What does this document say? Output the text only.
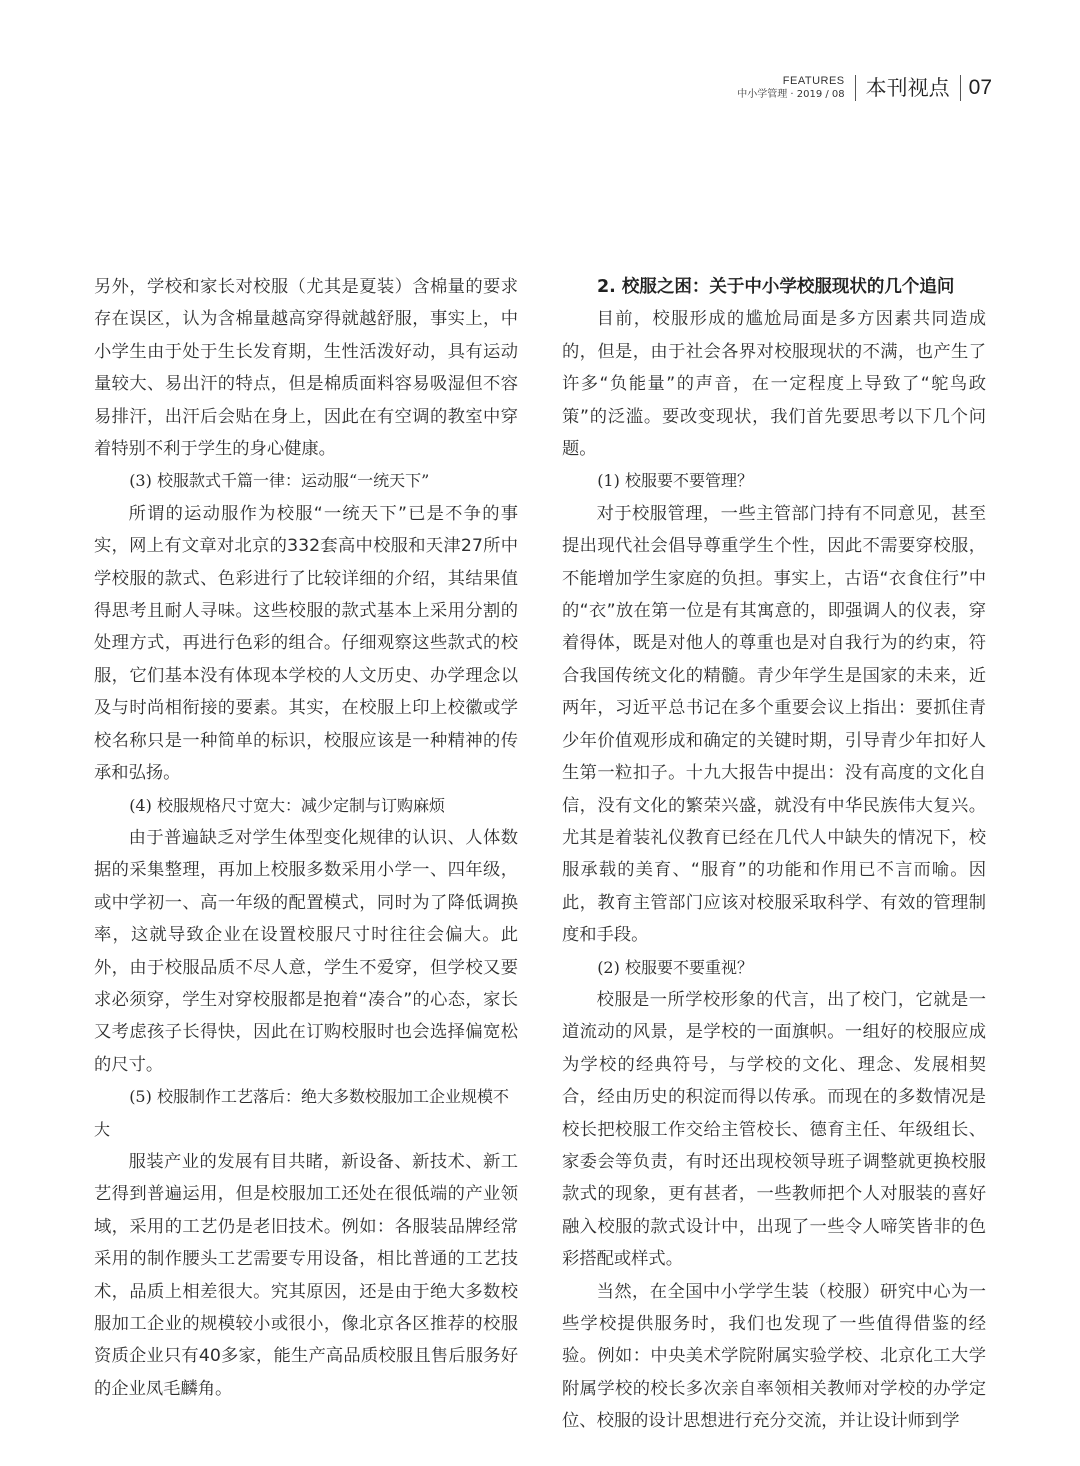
FEATURES
中小学管理 · 2019 / 08	本刊视点 07

另外，学校和家长对校服（尤其是夏装）含棉量的要求存在误区，认为含棉量越高穿得就越舒服，事实上，中小学生由于处于生长发育期，生性活泼好动，具有运动量较大、易出汗的特点，但是棉质面料容易吸湿但不容易排汗，出汗后会贴在身上，因此在有空调的教室中穿着特别不利于学生的身心健康。

(3) 校服款式千篇一律：运动服“一统天下”

所谓的运动服作为校服“一统天下”已是不争的事实，网上有文章对北京的332套高中校服和天津27所中学校服的款式、色彩进行了比较详细的介绍，其结果值得思考且耐人寻味。这些校服的款式基本上采用分割的处理方式，再进行色彩的组合。仔细观察这些款式的校服，它们基本没有体现本学校的人文历史、办学理念以及与时尚相衔接的要素。其实，在校服上印上校徽或学校名称只是一种简单的标识，校服应该是一种精神的传承和弘扬。

(4) 校服规格尺寸宽大：减少定制与订购麻烦

由于普遍缺乏对学生体型变化规律的认识、人体数据的采集整理，再加上校服多数采用小学一、四年级，或中学初一、高一年级的配置模式，同时为了降低调换率，这就导致企业在设置校服尺寸时往往会偏大。此外，由于校服品质不尽人意，学生不爱穿，但学校又要求必须穿，学生对穿校服都是抱着“凑合”的心态，家长又考虑孩子长得快，因此在订购校服时也会选择偏宽松的尺寸。

(5) 校服制作工艺落后：绝大多数校服加工企业规模不大

服装产业的发展有目共睹，新设备、新技术、新工艺得到普遍运用，但是校服加工还处在很低端的产业领域，采用的工艺仍是老旧技术。例如：各服装品牌经常采用的制作腰头工艺需要专用设备，相比普通的工艺技术，品质上相差很大。究其原因，还是由于绝大多数校服加工企业的规模较小或很小，像北京各区推荐的校服资质企业只有40多家，能生产高品质校服且售后服务好的企业凤毛麟角。

2. 校服之困：关于中小学校服现状的几个追问

目前，校服形成的尴尬局面是多方因素共同造成的，但是，由于社会各界对校服现状的不满，也产生了许多“负能量”的声音，在一定程度上导致了“鸵鸟政策”的泛滥。要改变现状，我们首先要思考以下几个问题。

(1) 校服要不要管理？

对于校服管理，一些主管部门持有不同意见，甚至提出现代社会倡导尊重学生个性，因此不需要穿校服，不能增加学生家庭的负担。事实上，古语“衣食住行”中的“衣”放在第一位是有其寓意的，即强调人的仪表，穿着得体，既是对他人的尊重也是对自我行为的约束，符合我国传统文化的精髓。青少年学生是国家的未来，近两年，习近平总书记在多个重要会议上指出：要抓住青少年价值观形成和确定的关键时期，引导青少年扣好人生第一粒扣子。十九大报告中提出：没有高度的文化自信，没有文化的繁荣兴盛，就没有中华民族伟大复兴。尤其是着装礼仪教育已经在几代人中缺失的情况下，校服承载的美育、“服育”的功能和作用已不言而喻。因此，教育主管部门应该对校服采取科学、有效的管理制度和手段。

(2) 校服要不要重视？

校服是一所学校形象的代言，出了校门，它就是一道流动的风景，是学校的一面旗帜。一组好的校服应成为学校的经典符号，与学校的文化、理念、发展相契合，经由历史的积淀而得以传承。而现在的多数情况是校长把校服工作交给主管校长、德育主任、年级组长、家委会等负责，有时还出现校领导班子调整就更换校服款式的现象，更有甚者，一些教师把个人对服装的喜好融入校服的款式设计中，出现了一些令人啼笑皆非的色彩搭配或样式。

当然，在全国中小学学生装（校服）研究中心为一些学校提供服务时，我们也发现了一些值得借鉴的经验。例如：中央美术学院附属实验学校、北京化工大学附属学校的校长多次亲自率领相关教师对学校的办学定位、校服的设计思想进行充分交流，并让设计师到学
